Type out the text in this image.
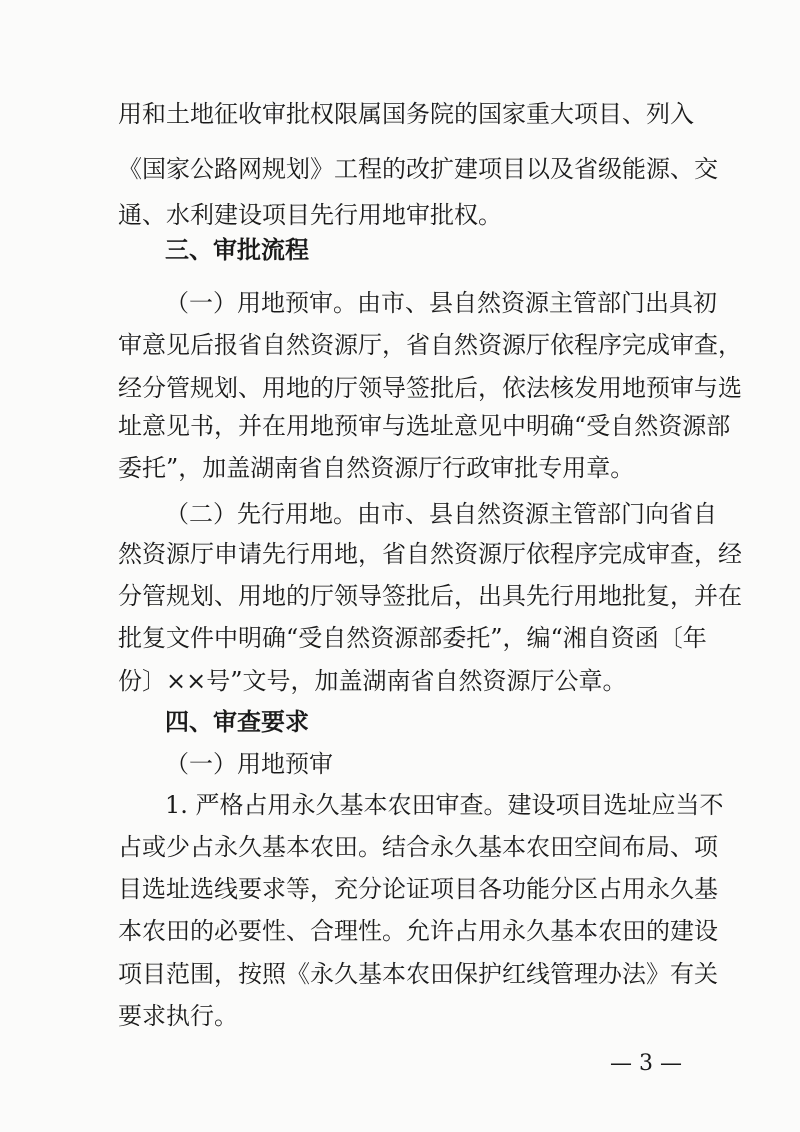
用和土地征收审批权限属国务院的国家重大项目、列入
《国家公路网规划》工程的改扩建项目以及省级能源、交
通、水利建设项目先行用地审批权。
三、审批流程
（一）用地预审。由市、县自然资源主管部门出具初
审意见后报省自然资源厅，省自然资源厅依程序完成审查，
经分管规划、用地的厅领导签批后，依法核发用地预审与选
址意见书，并在用地预审与选址意见中明确“受自然资源部
委托”，加盖湖南省自然资源厅行政审批专用章。
（二）先行用地。由市、县自然资源主管部门向省自
然资源厅申请先行用地，省自然资源厅依程序完成审查，经
分管规划、用地的厅领导签批后，出具先行用地批复，并在
批复文件中明确“受自然资源部委托”，编“湘自资函〔年
份〕××号”文号，加盖湖南省自然资源厅公章。
四、审查要求
（一）用地预审
1. 严格占用永久基本农田审查。建设项目选址应当不
占或少占永久基本农田。结合永久基本农田空间布局、项
目选址选线要求等，充分论证项目各功能分区占用永久基
本农田的必要性、合理性。允许占用永久基本农田的建设
项目范围，按照《永久基本农田保护红线管理办法》有关
要求执行。
— 3 —
